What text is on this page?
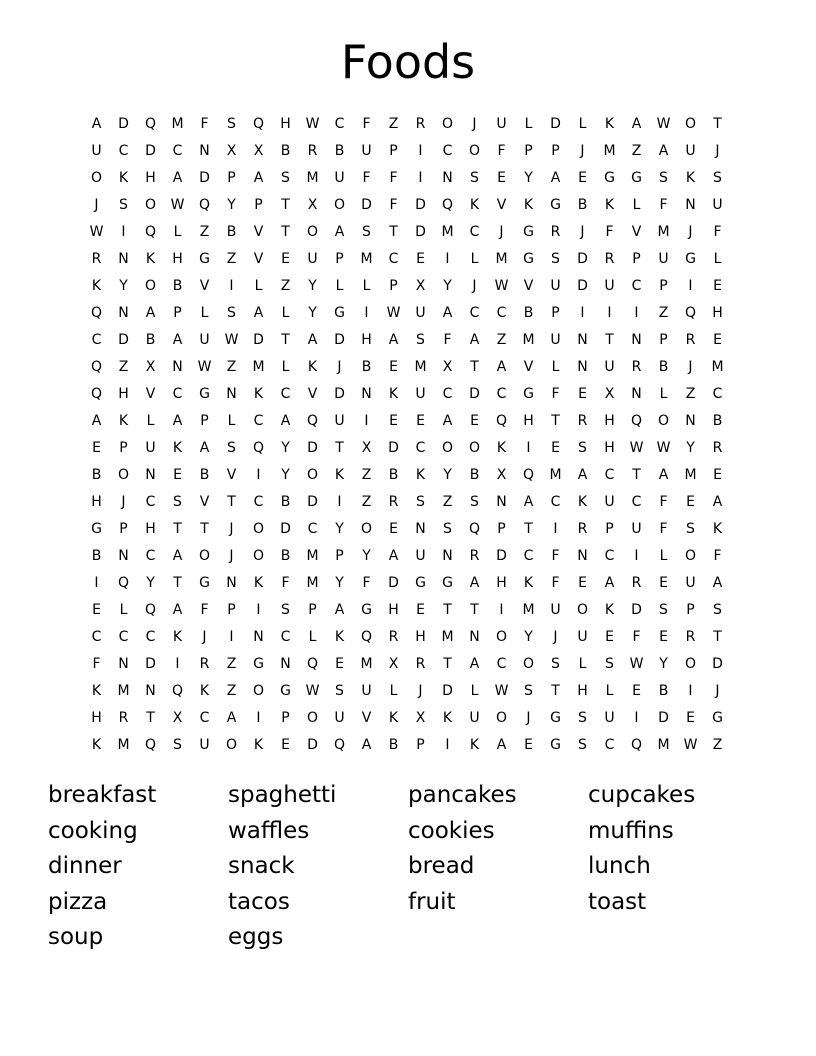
Foods
A	D	Q	M	F	S	Q	H	W	C	F	Z	R	O	J	U	L	D	L	K	A	W	O	T
U	C	D	C	N	X	X	B	R	B	U	P	I	C	O	F	P	P	J	M	Z	A	U	J
O	K	H	A	D	P	A	S	M	U	F	F	I	N	S	E	Y	A	E	G	G	S	K	S
J	S	O	W	Q	Y	P	T	X	O	D	F	D	Q	K	V	K	G	B	K	L	F	N	U
W	I	Q	L	Z	B	V	T	O	A	S	T	D	M	C	J	G	R	J	F	V	M	J	F
R	N	K	H	G	Z	V	E	U	P	M	C	E	I	L	M	G	S	D	R	P	U	G	L
K	Y	O	B	V	I	L	Z	Y	L	L	P	X	Y	J	W	V	U	D	U	C	P	I	E
Q	N	A	P	L	S	A	L	Y	G	I	W	U	A	C	C	B	P	I	I	I	Z	Q	H
C	D	B	A	U	W	D	T	A	D	H	A	S	F	A	Z	M	U	N	T	N	P	R	E
Q	Z	X	N	W	Z	M	L	K	J	B	E	M	X	T	A	V	L	N	U	R	B	J	M
Q	H	V	C	G	N	K	C	V	D	N	K	U	C	D	C	G	F	E	X	N	L	Z	C
A	K	L	A	P	L	C	A	Q	U	I	E	E	A	E	Q	H	T	R	H	Q	O	N	B
E	P	U	K	A	S	Q	Y	D	T	X	D	C	O	O	K	I	E	S	H	W W	Y	R
B	O	N	E	B	V	I	Y	O	K	Z	B	K	Y	B	X	Q	M	A	C	T	A	M	E
H	J	C	S	V	T	C	B	D	I	Z	R	S	Z	S	N	A	C	K	U	C	F	E	A
G	P	H	T	T	J	O	D	C	Y	O	E	N	S	Q	P	T	I	R	P	U	F	S	K
B	N	C	A	O	J	O	B	M	P	Y	A	U	N	R	D	C	F	N	C	I	L	O	F
I	Q	Y	T	G	N	K	F	M	Y	F	D	G	G	A	H	K	F	E	A	R	E	U	A
E	L	Q	A	F	P	I	S	P	A	G	H	E	T	T	I	M	U	O	K	D	S	P	S
C	C	C	K	J	I	N	C	L	K	Q	R	H	M	N	O	Y	J	U	E	F	E	R	T
F	N	D	I	R	Z	G	N	Q	E	M	X	R	T	A	C	O	S	L	S	W	Y	O	D
K	M	N	Q	K	Z	O	G	W	S	U	L	J	D	L	W	S	T	H	L	E	B	I	J
H	R	T	X	C	A	I	P	O	U	V	K	X	K	U	O	J	G	S	U	I	D	E	G
K	M	Q	S	U	O	K	E	D	Q	A	B	P	I	K	A	E	G	S	C	Q	M	W	Z
breakfast	spaghetti	pancakes	cupcakes
cooking	waffles	cookies	muffins
dinner	snack	bread	lunch
pizza	tacos	fruit	toast
soup	eggs
